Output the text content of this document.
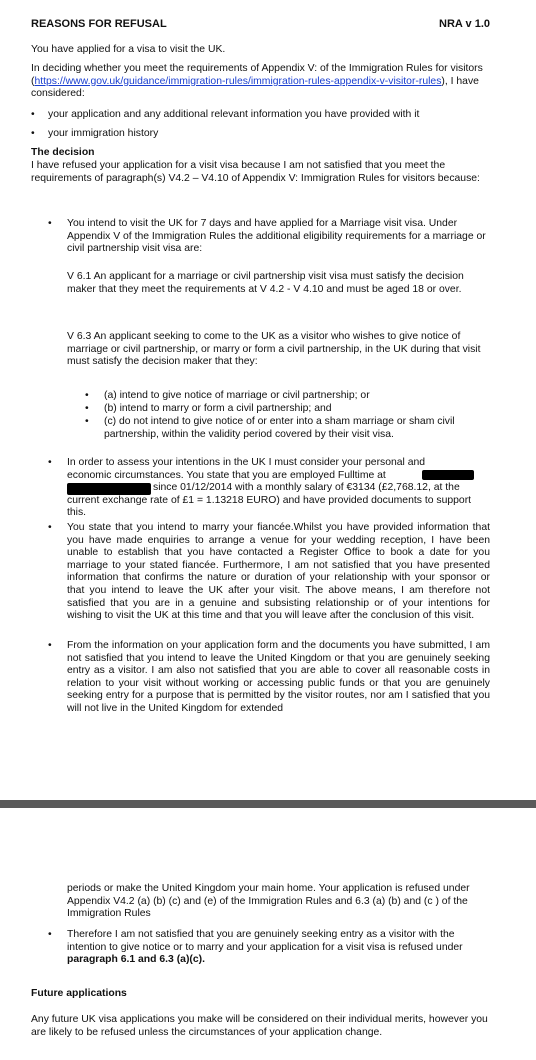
REASONS FOR REFUSAL	NRA v 1.0
You have applied for a visa to visit the UK.
In deciding whether you meet the requirements of Appendix V: of the Immigration Rules for visitors (https://www.gov.uk/guidance/immigration-rules/immigration-rules-appendix-v-visitor-rules), I have considered:
• your application and any additional relevant information you have provided with it
• your immigration history
The decision
I have refused your application for a visit visa because I am not satisfied that you meet the requirements of paragraph(s) V4.2 – V4.10 of Appendix V: Immigration Rules for visitors because:
• You intend to visit the UK for 7 days and have applied for a Marriage visit visa. Under Appendix V of the Immigration Rules the additional eligibility requirements for a marriage or civil partnership visit visa are:
V 6.1 An applicant for a marriage or civil partnership visit visa must satisfy the decision maker that they meet the requirements at V 4.2 - V 4.10 and must be aged 18 or over.
V 6.3 An applicant seeking to come to the UK as a visitor who wishes to give notice of marriage or civil partnership, or marry or form a civil partnership, in the UK during that visit must satisfy the decision maker that they:
• (a) intend to give notice of marriage or civil partnership; or
• (b) intend to marry or form a civil partnership; and
• (c) do not intend to give notice of or enter into a sham marriage or sham civil partnership, within the validity period covered by their visit visa.
• In order to assess your intentions in the UK I must consider your personal and
economic circumstances. You state that you are employed Fulltime at
since 01/12/2014 with a monthly salary of €3134 (£2,768.12, at the
current exchange rate of £1 = 1.13218 EURO) and have provided documents to support this.
• You state that you intend to marry your fiancée.Whilst you have provided information that you have made enquiries to arrange a venue for your wedding reception, I have been unable to establish that you have contacted a Register Office to book a date for you marriage to your stated fiancée. Furthermore, I am not satisfied that you have presented information that confirms the nature or duration of your relationship with your sponsor or that you intend to leave the UK after your visit. The above means, I am therefore not satisfied that you are in a genuine and subsisting relationship or of your intentions for wishing to visit the UK at this time and that you will leave after the conclusion of this visit.
• From the information on your application form and the documents you have submitted, I am not satisfied that you intend to leave the United Kingdom or that you are genuinely seeking entry as a visitor. I am also not satisfied that you are able to cover all reasonable costs in relation to your visit without working or accessing public funds or that you are genuinely seeking entry for a purpose that is permitted by the visitor routes, nor am I satisfied that you will not live in the United Kingdom for extended
periods or make the United Kingdom your main home. Your application is refused under Appendix V4.2 (a) (b) (c) and (e) of the Immigration Rules and 6.3 (a) (b) and (c ) of the Immigration Rules
• Therefore I am not satisfied that you are genuinely seeking entry as a visitor with the intention to give notice or to marry and your application for a visit visa is refused under paragraph 6.1 and 6.3 (a)(c).
Future applications
Any future UK visa applications you make will be considered on their individual merits, however you are likely to be refused unless the circumstances of your application change.
